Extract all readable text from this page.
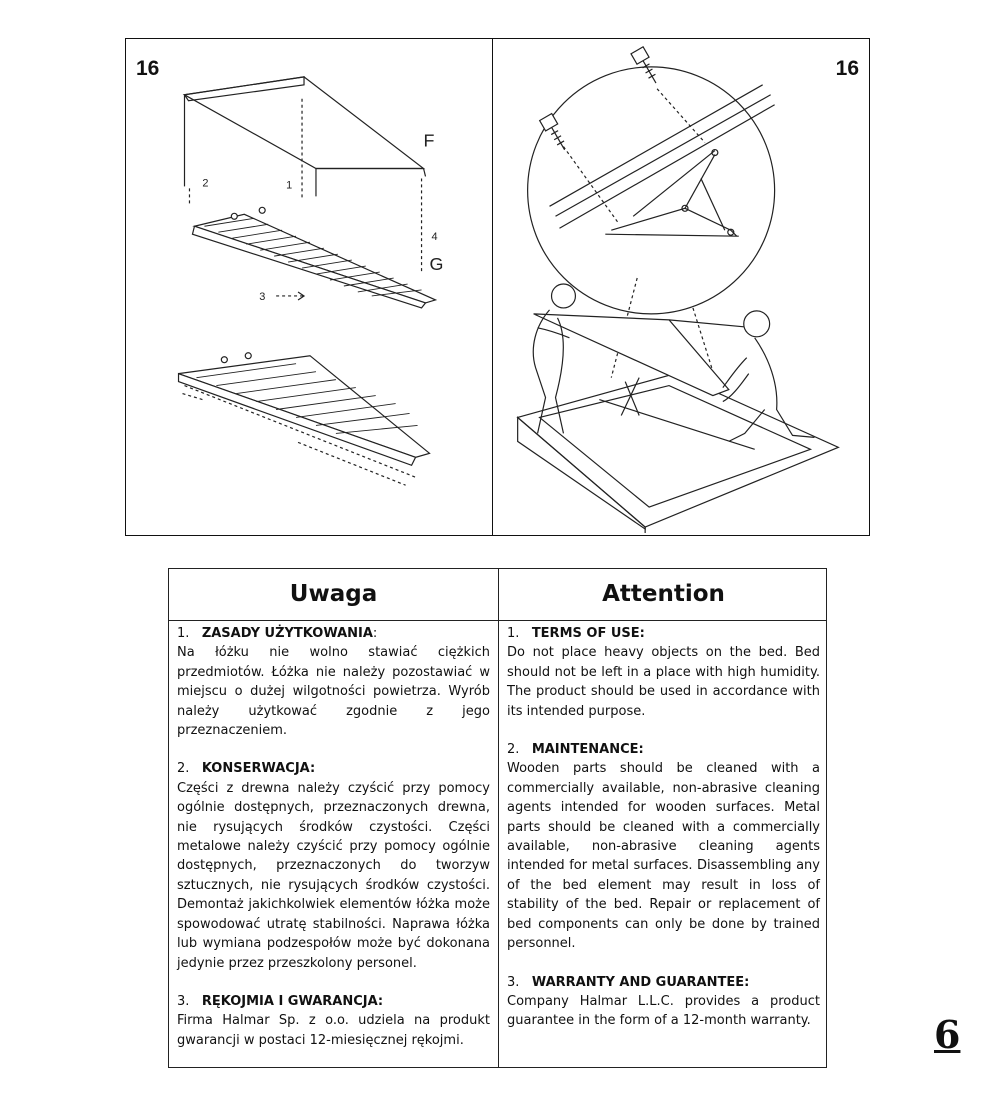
F
G
1
2
3
4
16	16
Uwaga

1. ZASADY UŻYTKOWANIA:

Na łóżku nie wolno stawiać ciężkich przedmiotów. Łóżka nie należy pozostawiać w miejscu o dużej wilgotności powietrza. Wyrób należy użytkować zgodnie z jego przeznaczeniem.

2. KONSERWACJA:

Części z drewna należy czyścić przy pomocy ogólnie dostępnych, przeznaczonych drewna, nie rysujących środków czystości. Części metalowe należy czyścić przy pomocy ogólnie dostępnych, przeznaczonych do tworzyw sztucznych, nie rysujących środków czystości. Demontaż jakichkolwiek elementów łóżka może spowodować utratę stabilności. Naprawa łóżka lub wymiana podzespołów może być dokonana jedynie przez przeszkolony personel.

3. RĘKOJMIA I GWARANCJA:

Firma Halmar Sp. z o.o. udziela na produkt gwarancji w postaci 12-miesięcznej rękojmi.

Attention

1. TERMS OF USE:

Do not place heavy objects on the bed. Bed should not be left in a place with high humidity. The product should be used in accordance with its intended purpose.

2. MAINTENANCE:

Wooden parts should be cleaned with a commercially available, non-abrasive cleaning agents intended for wooden surfaces. Metal parts should be cleaned with a commercially available, non-abrasive cleaning agents intended for metal surfaces. Disassembling any of the bed element may result in loss of stability of the bed. Repair or replacement of bed components can only be done by trained personnel.

3. WARRANTY AND GUARANTEE:

Company Halmar L.L.C. provides a product guarantee in the form of a 12-month warranty.	6
